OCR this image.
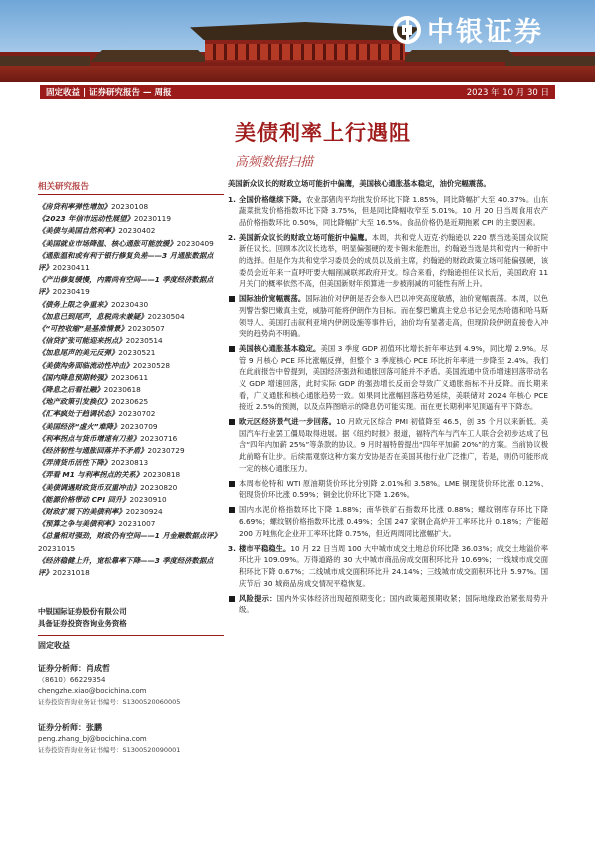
中银证券
固定收益 | 证券研究报告 — 周报	2023 年 10 月 30 日
美债利率上行遇阻
高频数据扫描
相关研究报告
《房贷利率弹性增加》20230108
《2023 年信市远动性展望》20230119
《美债与美国自然利率》20230402
《美国就业市场降温、核心通胀可能放缓》20230409
《通胀温和或有利于银行修复负差——3 月通胀数据点评》20230411
《产出修复缓慢，内需尚有空间——1 季度经济数据点评》20230419
《债务上限之争重来》20230430
《加息已到尾声，息税尚未兼疑》20230504
《“可控收缩”是基准情景》20230507
《信贷扩张可能迎来拐点》20230514
《加息尾声的美元反弹》20230521
《美债沟务面临流动性冲击》20230528
《国内降息预期转强》20230611
《降息之后看社融》20230618
《地产政策引发换仪》20230625
《汇率疯处于趋调状态》20230702
《美国经济“虚火”难降》20230709
《利率拐点与货币增速有刀差》20230716
《经济韧性与通胀回落并不矛盾》20230729
《弄清货币活性下降》20230813
《弄看 M1 与利率拐点的关系》20230818
《美债调遇财政货币双重冲击》20230820
《能源价格带动 CPI 回升》20230910
《财政扩展下的美债利率》20230924
《预算之争与美债利率》20231007
《总量相对强劲，财政仍有空间——1 月金融数据点评》20231015
《经济稳健上升，宽松靠率下降——3 季度经济数据点评》20231018
中银国际证券股份有限公司
具备证券投资咨询业务资格
固定收益
证券分析师：肖成哲
（8610）66229354
chengzhe.xiao@bocichina.com
证券投资咨询业务证书编号：S1300520060005
证券分析师：张鹏
peng.zhang_bj@bocichina.com
证券投资咨询业务证书编号：S1300520090001
美国新众议长的财政立场可能折中偏鹰，美国核心通胀基本稳定，油价完幅震荡。
1. 全国价格继续下降。农业部猪肉平均批发价环比下降 1.85%，同比降幅扩大至 40.37%。山东蔬菜批发价格指数环比下降 3.75%，但是同比降幅收窄至 5.01%。10 月 20 日当周食用农产品价格指数环比 0.50%，同比降幅扩大至 16.5%。食品价格仍是近期拖累 CPI 的主要因素。
2. 美国新众议长的财政立场可能折中偏鹰。本周，共和党人迈克·约翰逊以 220 票当选美国众议院新任议长。回顾本次议长选举，明显偏强硬的麦卡锡未能胜出，约翰逊当选是共和党内一种折中的选择。但是作为共和党学习委员会的成员以及前主席，约翰逊的财政政策立场可能偏强硬，该委员会近年来一直呼吁要大幅削减联邦政府开支。综合来看，约翰逊担任议长后，美国政府 11 月关门的概率依然不高，但美国新财年预算进一步被削减的可能性有所上升。
国际油价宽幅震荡。国际油价对伊朗是否会参入巴以冲突高度敏感，油价宽幅震荡。本周，以色列警告黎巴嫩真主党，威胁可能将伊朗作为目标。而在黎巴嫩真主党总书记会见杰哈德和哈马斯领导人、美国打击叙利亚境内伊朗设施等事件后，油价均有显著走高，但现阶段伊朗直接卷入冲突的趋势尚不明确。
美国核心通胀基本稳定。美国 3 季度 GDP 初值环比增长折年率达到 4.9%，同比增 2.9%。尽管 9 月核心 PCE 环比涨幅反弹，但整个 3 季度核心 PCE 环比折年率进一步降至 2.4%。我们在此前报告中曾提到，美国经济强劲和通胀回落可能并不矛盾。美国流通中货币增速回落带动名义 GDP 增速回落，此时实际 GDP 的强劲增长反而会导致广义通胀指标不升反降。而长期来看，广义通胀和核心通胀趋势一致。如果同比涨幅回落趋势延续，美联储对 2024 年核心 PCE 接近 2.5%的预测，以及点阵图暗示的降息仍可能实现。而在更长期利率见顶逼有平下降态。
欧元区经济景气进一步回落。10 月欧元区综合 PMI 初值降至 46.5，创 35 个月以来新低。美国汽车行业罢工僵局取得进展。据《纽约时报》报道，福特汽车与汽车工人联合会初步达成了包含“四年内加薪 25%”等条款的协议。9 月时福特曾提出“四年平加薪 20%”的方案。当前协议极此前略有让步。后续需观察这种方案方安协是否在美国其他行业广泛推广，若是，则仍可能形成一定的核心通胀压力。
本周布伦特和 WTI 原油期货价环比分别降 2.01%和 3.58%。LME 铜现货价环比涨 0.12%、铝现货价环比涨 0.59%；铜金比价环比下降 1.26%。
国内水泥价格指数环比下降 1.88%；南华铁矿石指数环比涨 0.88%；螺纹钢库存环比下降 6.69%；螺纹钢价格指数环比涨 0.49%；全国 247 家钢企高炉开工率环比升 0.18%；产能超 200 万吨焦化企业开工率环比降 0.75%，但近两周同比涨幅扩大。
3. 楼市平稳稳生。10 月 22 日当周 100 大中城市成交土地总价环比降 36.03%；成交土地溢价率环比升 109.09%。万得道路的 30 大中城市商品房成交面积环比升 10.69%；一线城市成交面积环比下降 0.67%；二线城市成交面积环比升 24.14%；三线城市成交面积环比升 5.97%。国庆节后 30 城商品房成交情况平稳恢复。
风险提示：国内外实体经济出现超预期变化；国内政策超预期收紧；国际地缘政治紧张局势升级。
